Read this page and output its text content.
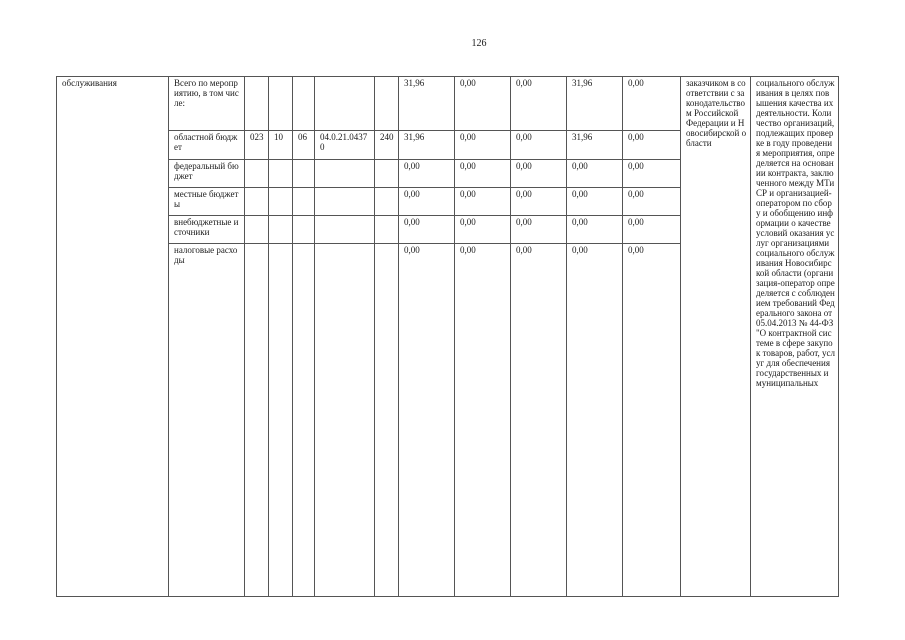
126
обслуживания	Всего по мероприятию, в том числе:						31,96	0,00	0,00	31,96	0,00	заказчиком в соответствии с законодательством Российской Федерации и Новосибирской области	социального обслуживания в целях повышения качества их деятельности. Количество организаций, подлежащих проверке в году проведения мероприятия, определяется на основании контракта, заключенного между МТиСР и организацией-оператором по сбору и обобщению информации о качестве условий оказания услуг организациями социального обслуживания Новосибирской области (организация-оператор определяется с соблюдением требований Федерального закона от 05.04.2013 № 44-ФЗ "О контрактной системе в сфере закупок товаров, работ, услуг для обеспечения государственных и муниципальных
	областной бюджет	023	10	06	04.0.21.04370	240	31,96	0,00	0,00	31,96	0,00		
	федеральный бюджет						0,00	0,00	0,00	0,00	0,00		
	местные бюджеты						0,00	0,00	0,00	0,00	0,00		
	внебюджетные источники						0,00	0,00	0,00	0,00	0,00		
	налоговые расходы						0,00	0,00	0,00	0,00	0,00		
